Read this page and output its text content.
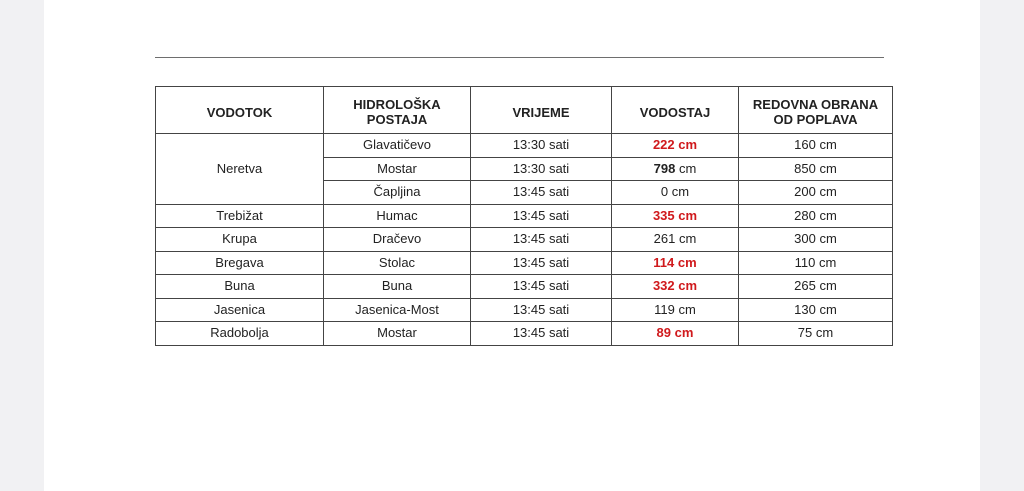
VODOTOK	HIDROLOŠKA
POSTAJA	VRIJEME	VODOSTAJ	REDOVNA OBRANA
OD POPLAVA
Neretva	Glavatičevo	13:30 sati	222 cm	160 cm
	Mostar	13:30 sati	798 cm	850 cm
	Čapljina	13:45 sati	0 cm	200 cm
Trebižat	Humac	13:45 sati	335 cm	280 cm
Krupa	Dračevo	13:45 sati	261 cm	300 cm
Bregava	Stolac	13:45 sati	114 cm	110 cm
Buna	Buna	13:45 sati	332 cm	265 cm
Jasenica	Jasenica-Most	13:45 sati	119 cm	130 cm
Radobolja	Mostar	13:45 sati	89 cm	75 cm
